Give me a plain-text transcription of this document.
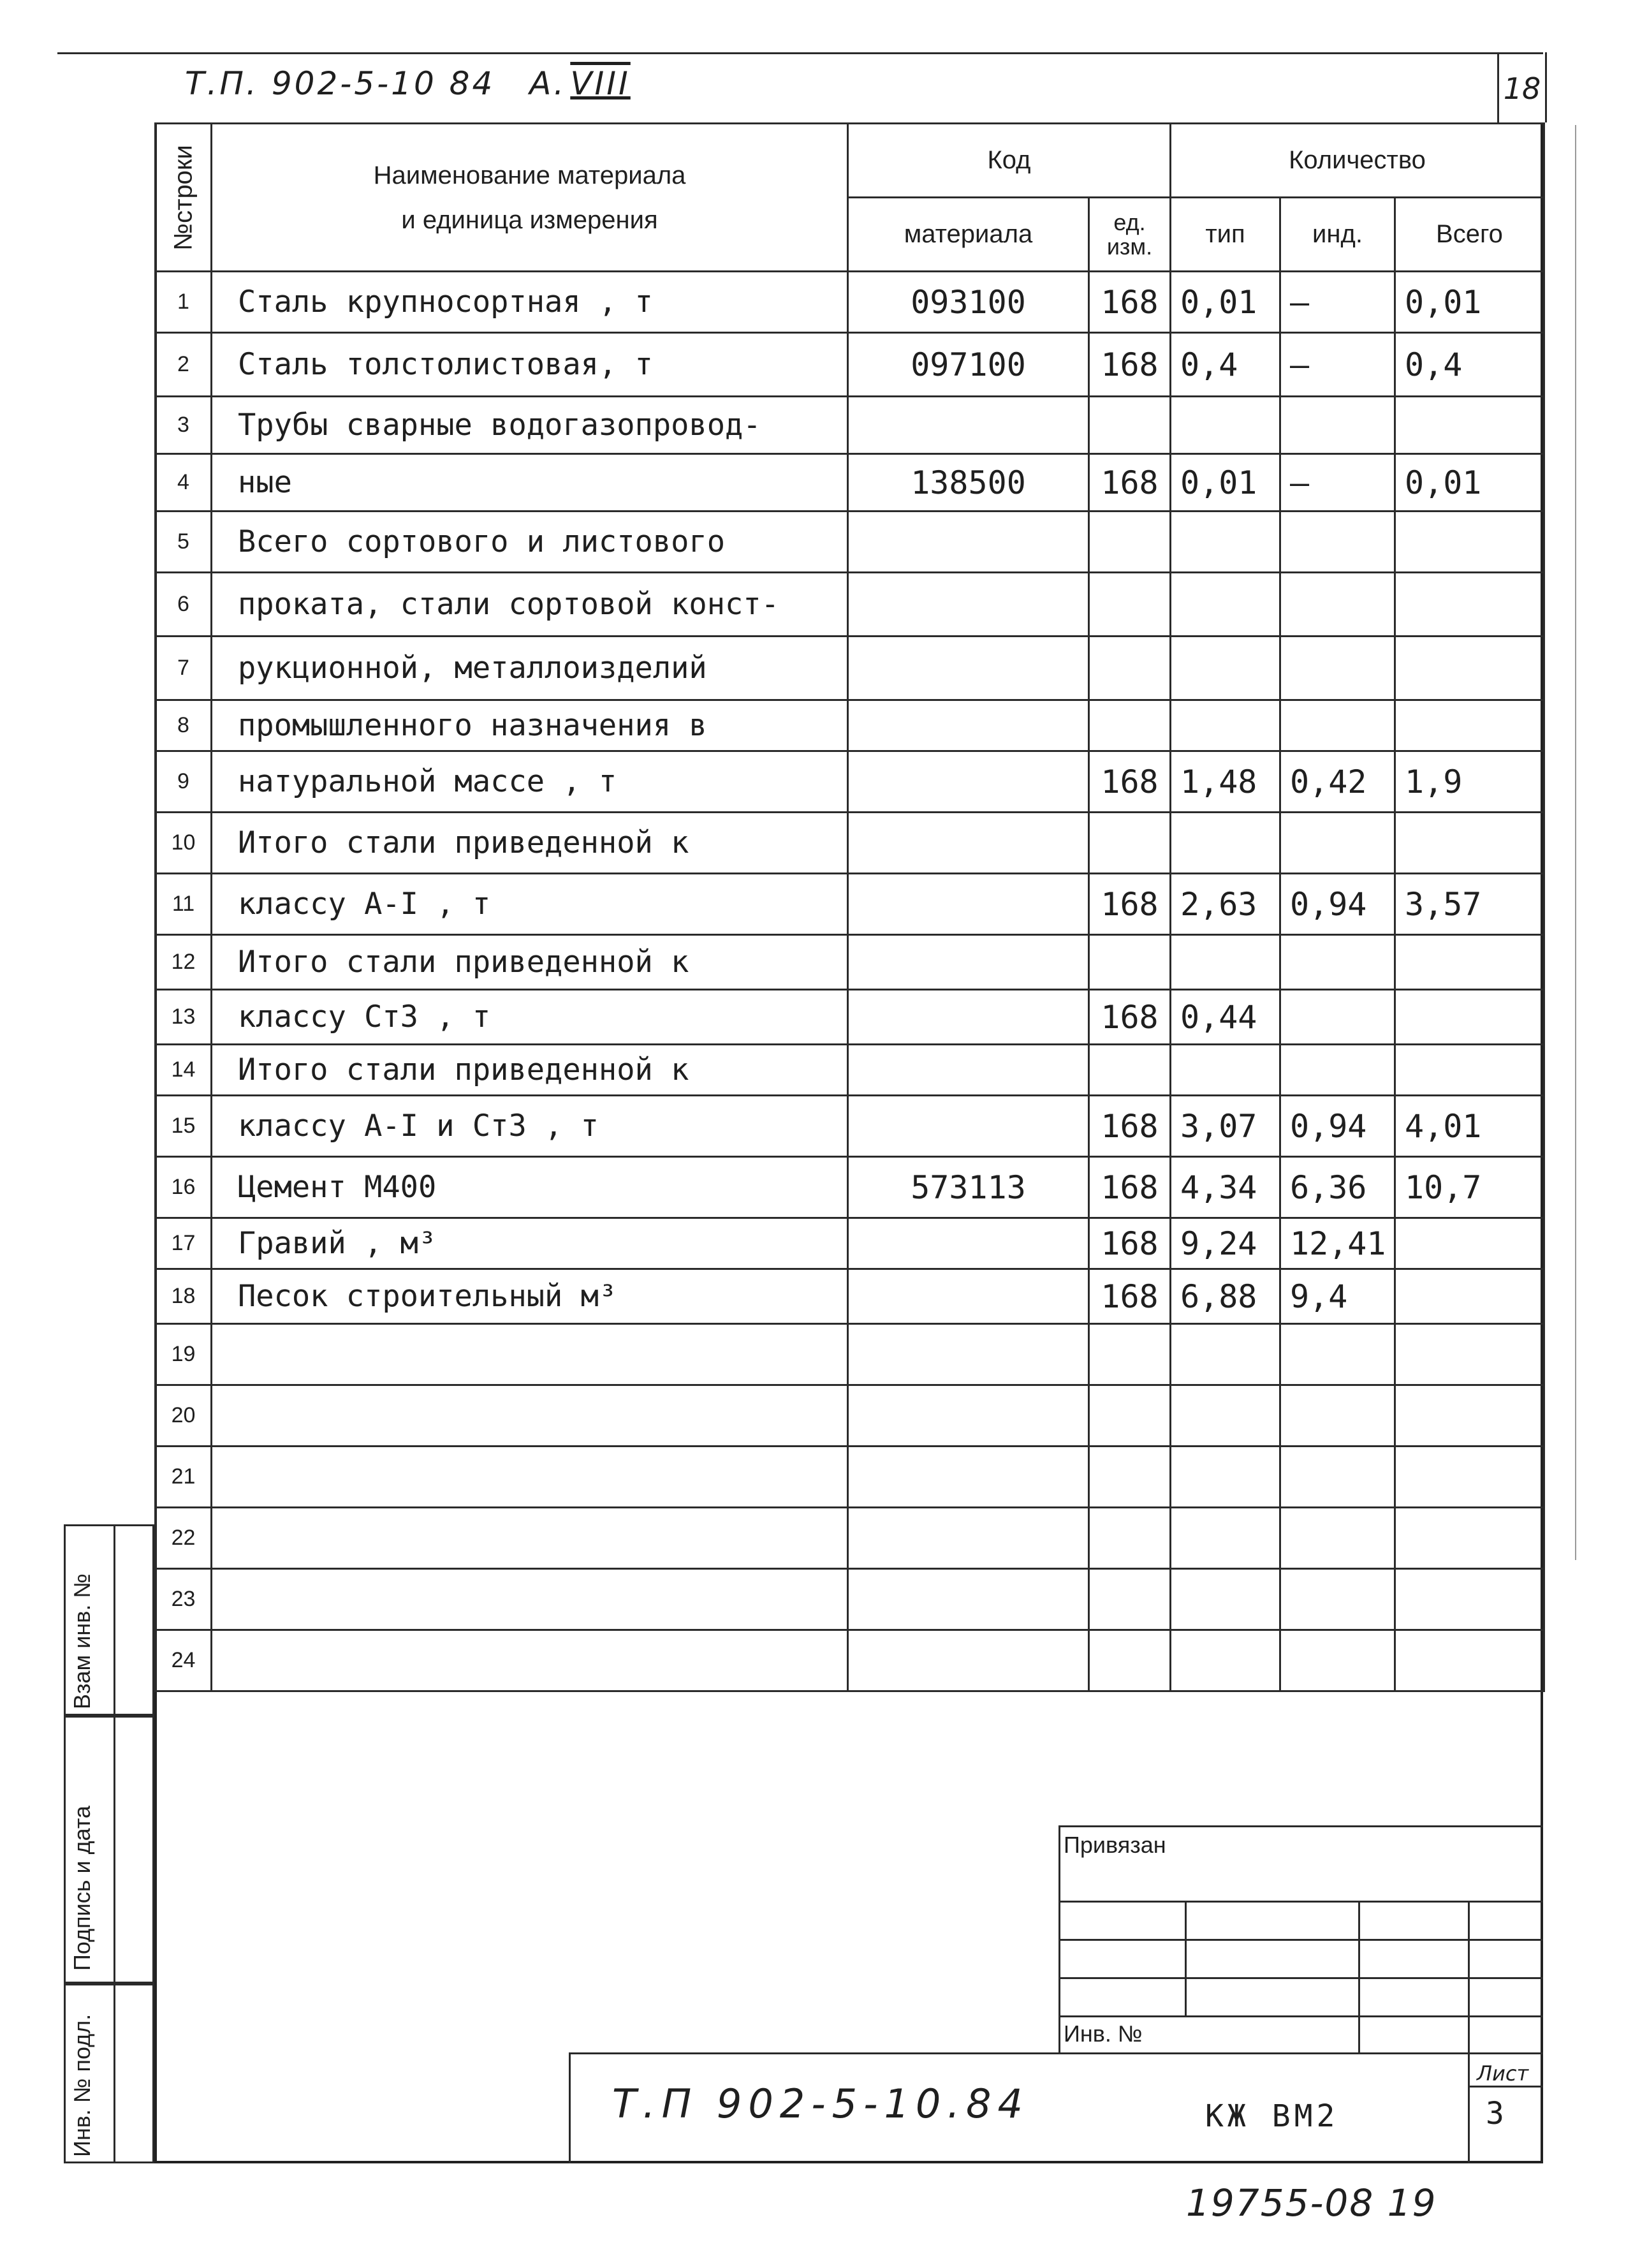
Т.П. 902-5-10 84 А. VIII	18
№строки	Наименование материала
и единица измерения	Код		Количество		
		материала	ед. изм.	тип	инд.	Всего
1	Сталь крупносортная , т	093100	168	0,01	–	0,01
2	Сталь толстолистовая, т	097100	168	0,4	–	0,4
3	Трубы сварные водогазопровод-					
4	ные	138500	168	0,01	–	0,01
5	Всего сортового и листового					
6	проката, стали сортовой конст-					
7	рукционной, металлоизделий					
8	промышленного назначения в					
9	натуральной массе , т		168	1,48	0,42	1,9
10	Итого стали приведенной к					
11	классу А-I , т		168	2,63	0,94	3,57
12	Итого стали приведенной к					
13	классу Ст3 , т		168	0,44		
14	Итого стали приведенной к					
15	классу А-I и Ст3 , т		168	3,07	0,94	4,01
16	Цемент М400	573113	168	4,34	6,36	10,7
17	Гравий , м³		168	9,24	12,41	
18	Песок строительный м³		168	6,88	9,4	
19						
20						
21						
22						
23						
24						
Взам инв. №
Подпись и дата
Инв. № подл.
Привязан
Инв. №
Т.П 902-5-10.84	КЖ ВМ2
Лист
3
19755-08 19
